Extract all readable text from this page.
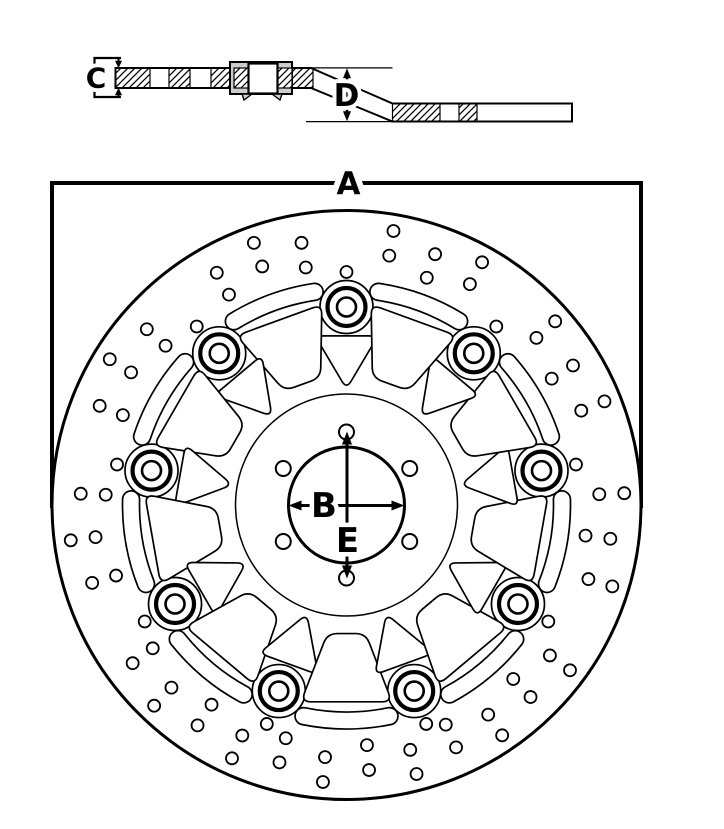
C	D
A
B
E
